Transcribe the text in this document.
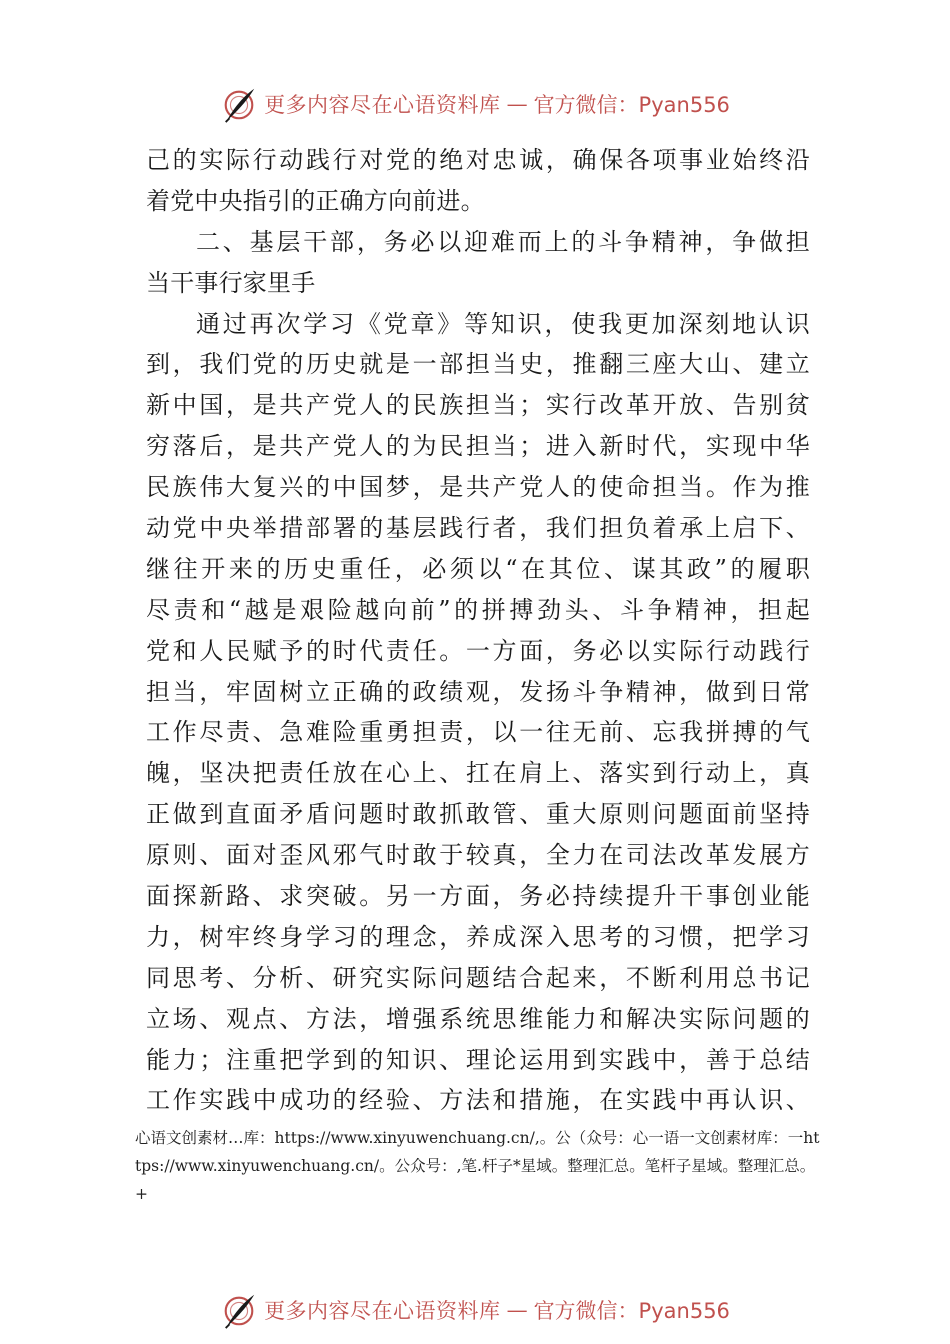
更多内容尽在心语资料库 — 官方微信：Pyan556
己的实际行动践行对党的绝对忠诚，确保各项事业始终沿
着党中央指引的正确方向前进。
二、基层干部，务必以迎难而上的斗争精神，争做担
当干事行家里手
通过再次学习《党章》等知识，使我更加深刻地认识
到，我们党的历史就是一部担当史，推翻三座大山、建立
新中国，是共产党人的民族担当；实行改革开放、告别贫
穷落后，是共产党人的为民担当；进入新时代，实现中华
民族伟大复兴的中国梦，是共产党人的使命担当。作为推
动党中央举措部署的基层践行者，我们担负着承上启下、
继往开来的历史重任，必须以“在其位、谋其政”的履职
尽责和“越是艰险越向前”的拼搏劲头、斗争精神，担起
党和人民赋予的时代责任。一方面，务必以实际行动践行
担当，牢固树立正确的政绩观，发扬斗争精神，做到日常
工作尽责、急难险重勇担责，以一往无前、忘我拼搏的气
魄，坚决把责任放在心上、扛在肩上、落实到行动上，真
正做到直面矛盾问题时敢抓敢管、重大原则问题面前坚持
原则、面对歪风邪气时敢于较真，全力在司法改革发展方
面探新路、求突破。另一方面，务必持续提升干事创业能
力，树牢终身学习的理念，养成深入思考的习惯，把学习
同思考、分析、研究实际问题结合起来，不断利用总书记
立场、观点、方法，增强系统思维能力和解决实际问题的
能力；注重把学到的知识、理论运用到实践中，善于总结
工作实践中成功的经验、方法和措施，在实践中再认识、
心语文创素材…库：https://www.xinyuwenchuang.cn/,。公（众号：心一语一文创素材库：一https://www.xinyuwenchuang.cn/。公众号：,笔.杆子*星域。整理汇总。笔杆子星域。整理汇总。+
更多内容尽在心语资料库 — 官方微信：Pyan556
